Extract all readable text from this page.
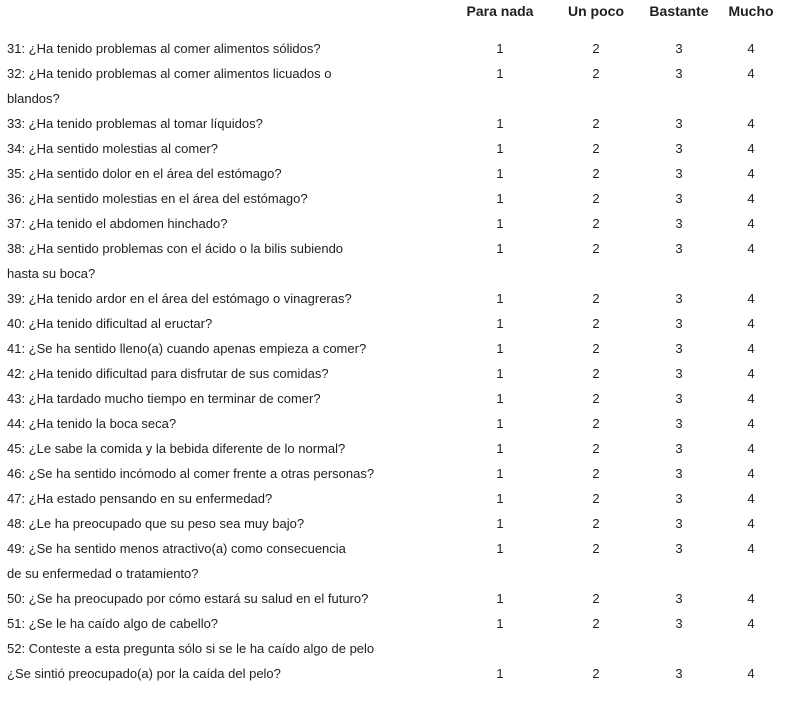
Para nada	Un poco	Bastante	Mucho
31: ¿Ha tenido problemas al comer alimentos sólidos?	1	2	3	4
32: ¿Ha tenido problemas al comer alimentos licuados o	1	2	3	4
blandos?
33: ¿Ha tenido problemas al tomar líquidos?	1	2	3	4
34: ¿Ha sentido molestias al comer?	1	2	3	4
35: ¿Ha sentido dolor en el área del estómago?	1	2	3	4
36: ¿Ha sentido molestias en el área del estómago?	1	2	3	4
37: ¿Ha tenido el abdomen hinchado?	1	2	3	4
38: ¿Ha sentido problemas con el ácido o la bilis subiendo	1	2	3	4
hasta su boca?
39: ¿Ha tenido ardor en el área del estómago o vinagreras?	1	2	3	4
40: ¿Ha tenido dificultad al eructar?	1	2	3	4
41: ¿Se ha sentido lleno(a) cuando apenas empieza a comer?	1	2	3	4
42: ¿Ha tenido dificultad para disfrutar de sus comidas?	1	2	3	4
43: ¿Ha tardado mucho tiempo en terminar de comer?	1	2	3	4
44: ¿Ha tenido la boca seca?	1	2	3	4
45: ¿Le sabe la comida y la bebida diferente de lo normal?	1	2	3	4
46: ¿Se ha sentido incómodo al comer frente a otras personas?	1	2	3	4
47: ¿Ha estado pensando en su enfermedad?	1	2	3	4
48: ¿Le ha preocupado que su peso sea muy bajo?	1	2	3	4
49: ¿Se ha sentido menos atractivo(a) como consecuencia	1	2	3	4
de su enfermedad o tratamiento?
50: ¿Se ha preocupado por cómo estará su salud en el futuro?	1	2	3	4
51: ¿Se le ha caído algo de cabello?	1	2	3	4
52: Conteste a esta pregunta sólo si se le ha caído algo de pelo
¿Se sintió preocupado(a) por la caída del pelo?	1	2	3	4
